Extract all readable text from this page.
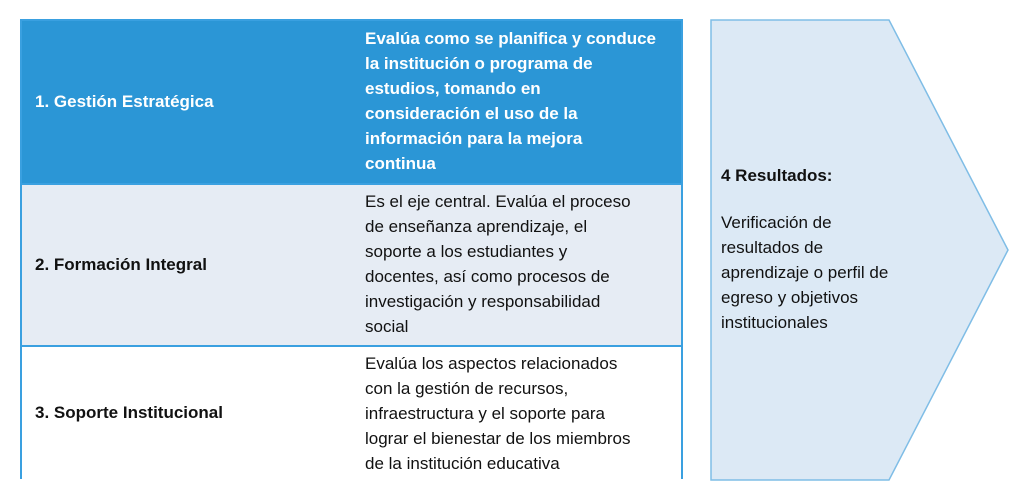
1. Gestión Estratégica
Evalúa como se planifica y conduce
la institución o programa de
estudios, tomando en
consideración el uso de la
información para la mejora
continua
2. Formación Integral
Es el eje central. Evalúa el proceso
de enseñanza aprendizaje, el
soporte a los estudiantes y
docentes, así como procesos de
investigación y responsabilidad
social
3. Soporte Institucional
Evalúa los aspectos relacionados
con la gestión de recursos,
infraestructura y el soporte para
lograr el bienestar de los miembros
de la institución educativa
4 Resultados:
Verificación de
resultados de
aprendizaje o perfil de
egreso y objetivos
institucionales
